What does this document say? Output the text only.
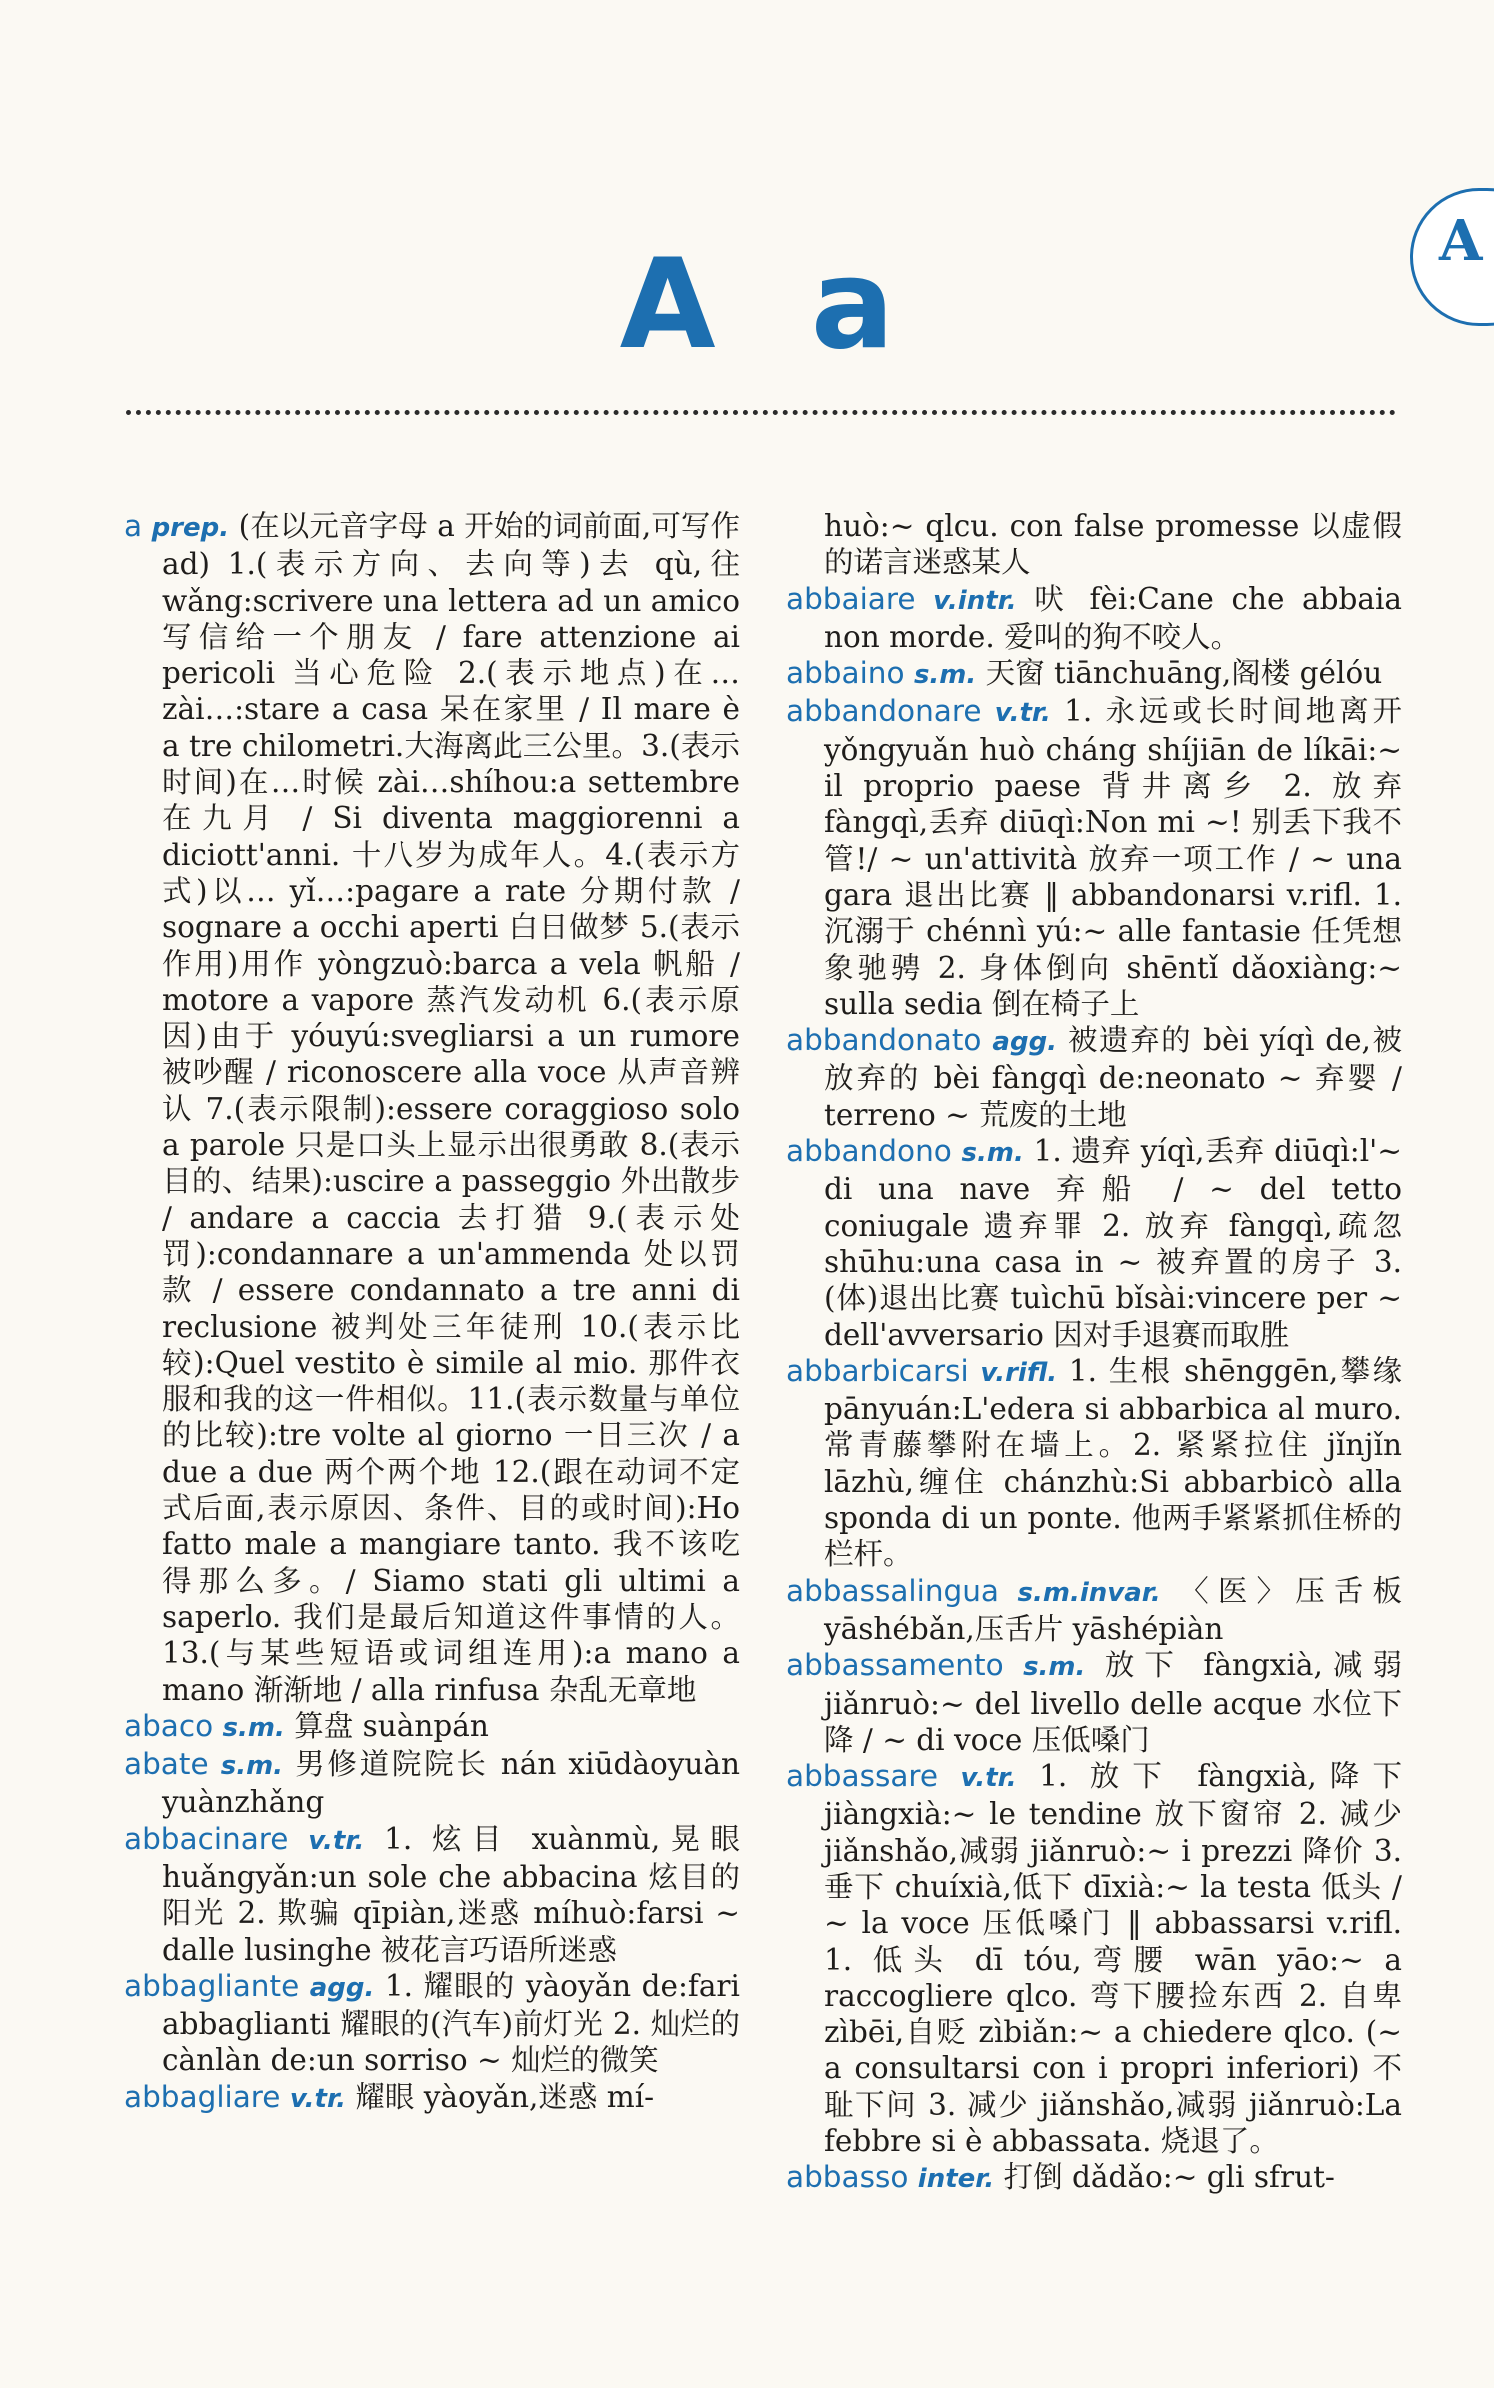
A a	A
a prep. (在以元音字母 a 开始的词前面,可写作 ad) 1.(表示方向、去向等)去 qù,往 wǎng:scrivere una lettera ad un amico 写信给一个朋友 / fare attenzione ai pericoli 当心危险 2.(表示地点)在… zài…:stare a casa 呆在家里 / Il mare è a tre chilometri.大海离此三公里。3.(表示时间)在…时候 zài…shíhou:a settembre 在九月 / Si diventa maggiorenni a diciott'anni. 十八岁为成年人。4.(表示方式)以… yǐ…:pagare a rate 分期付款 / sognare a occhi aperti 白日做梦 5.(表示作用)用作 yòngzuò:barca a vela 帆船 / motore a vapore 蒸汽发动机 6.(表示原因)由于 yóuyú:svegliarsi a un rumore 被吵醒 / riconoscere alla voce 从声音辨认 7.(表示限制):essere coraggioso solo a parole 只是口头上显示出很勇敢 8.(表示目的、结果):uscire a passeggio 外出散步 / andare a caccia 去打猎 9.(表示处罚):condannare a un'ammenda 处以罚款 / essere condannato a tre anni di reclusione 被判处三年徒刑 10.(表示比较):Quel vestito è simile al mio. 那件衣服和我的这一件相似。11.(表示数量与单位的比较):tre volte al giorno 一日三次 / a due a due 两个两个地 12.(跟在动词不定式后面,表示原因、条件、目的或时间):Ho fatto male a mangiare tanto. 我不该吃得那么多。/ Siamo stati gli ultimi a saperlo. 我们是最后知道这件事情的人。13.(与某些短语或词组连用):a mano a mano 渐渐地 / alla rinfusa 杂乱无章地
abaco s.m. 算盘 suànpán
abate s.m. 男修道院院长 nán xiūdàoyuàn yuànzhǎng
abbacinare v.tr. 1. 炫目 xuànmù,晃眼 huǎngyǎn:un sole che abbacina 炫目的阳光 2. 欺骗 qīpiàn,迷惑 míhuò:farsi ~ dalle lusinghe 被花言巧语所迷惑
abbagliante agg. 1. 耀眼的 yàoyǎn de:fari abbaglianti 耀眼的(汽车)前灯光 2. 灿烂的 cànlàn de:un sorriso ~ 灿烂的微笑
abbagliare v.tr. 耀眼 yàoyǎn,迷惑 mí-
huò:~ qlcu. con false promesse 以虚假的诺言迷惑某人
abbaiare v.intr. 吠 fèi:Cane che abbaia non morde. 爱叫的狗不咬人。
abbaino s.m. 天窗 tiānchuāng,阁楼 gélóu
abbandonare v.tr. 1. 永远或长时间地离开 yǒngyuǎn huò cháng shíjiān de líkāi:~ il proprio paese 背井离乡 2. 放弃 fàngqì,丢弃 diūqì:Non mi ~! 别丢下我不管!/ ~ un'attività 放弃一项工作 / ~ una gara 退出比赛 ‖ abbandonarsi v.rifl. 1. 沉溺于 chénnì yú:~ alle fantasie 任凭想象驰骋 2. 身体倒向 shēntǐ dǎoxiàng:~ sulla sedia 倒在椅子上
abbandonato agg. 被遗弃的 bèi yíqì de,被放弃的 bèi fàngqì de:neonato ~ 弃婴 / terreno ~ 荒废的土地
abbandono s.m. 1. 遗弃 yíqì,丢弃 diūqì:l'~ di una nave 弃船 / ~ del tetto coniugale 遗弃罪 2. 放弃 fàngqì,疏忽 shūhu:una casa in ~ 被弃置的房子 3.(体)退出比赛 tuìchū bǐsài:vincere per ~ dell'avversario 因对手退赛而取胜
abbarbicarsi v.rifl. 1. 生根 shēnggēn,攀缘 pānyuán:L'edera si abbarbica al muro. 常青藤攀附在墙上。2. 紧紧拉住 jǐnjǐn lāzhù,缠住 chánzhù:Si abbarbicò alla sponda di un ponte. 他两手紧紧抓住桥的栏杆。
abbassalingua s.m.invar. 〈医〉压舌板 yāshébǎn,压舌片 yāshépiàn
abbassamento s.m. 放下 fàngxià,减弱 jiǎnruò:~ del livello delle acque 水位下降 / ~ di voce 压低嗓门
abbassare v.tr. 1. 放下 fàngxià,降下 jiàngxià:~ le tendine 放下窗帘 2. 减少 jiǎnshǎo,减弱 jiǎnruò:~ i prezzi 降价 3. 垂下 chuíxià,低下 dīxià:~ la testa 低头 / ~ la voce 压低嗓门 ‖ abbassarsi v.rifl. 1. 低头 dī tóu,弯腰 wān yāo:~ a raccogliere qlco. 弯下腰捡东西 2. 自卑 zìbēi,自贬 zìbiǎn:~ a chiedere qlco. (~ a consultarsi con i propri inferiori) 不耻下问 3. 减少 jiǎnshǎo,减弱 jiǎnruò:La febbre si è abbassata. 烧退了。
abbasso inter. 打倒 dǎdǎo:~ gli sfrut-
